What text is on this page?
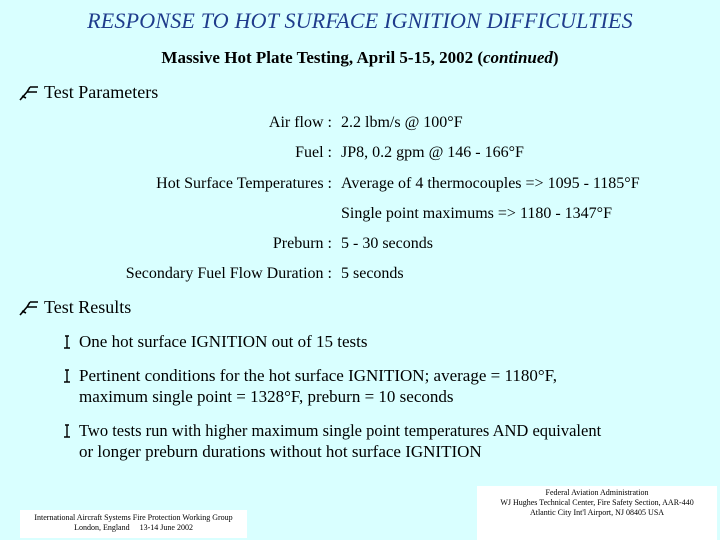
RESPONSE TO HOT SURFACE IGNITION DIFFICULTIES
Massive Hot Plate Testing, April 5-15, 2002 (continued)
Test Parameters
Air flow : 2.2 lbm/s @ 100°F
Fuel : JP8, 0.2 gpm @ 146 - 166°F
Hot Surface Temperatures : Average of 4 thermocouples => 1095 - 1185°F
Single point maximums => 1180 - 1347°F
Preburn : 5 - 30 seconds
Secondary Fuel Flow Duration : 5 seconds
Test Results
One hot surface IGNITION out of 15 tests
Pertinent conditions for the hot surface IGNITION; average = 1180°F,
maximum single point = 1328°F, preburn = 10 seconds
Two tests run with higher maximum single point temperatures AND equivalent
or longer preburn durations without hot surface IGNITION
International Aircraft Systems Fire Protection Working Group
London, England     13-14 June 2002
Federal Aviation Administration
WJ Hughes Technical Center, Fire Safety Section, AAR-440
Atlantic City Int'l Airport, NJ 08405 USA
